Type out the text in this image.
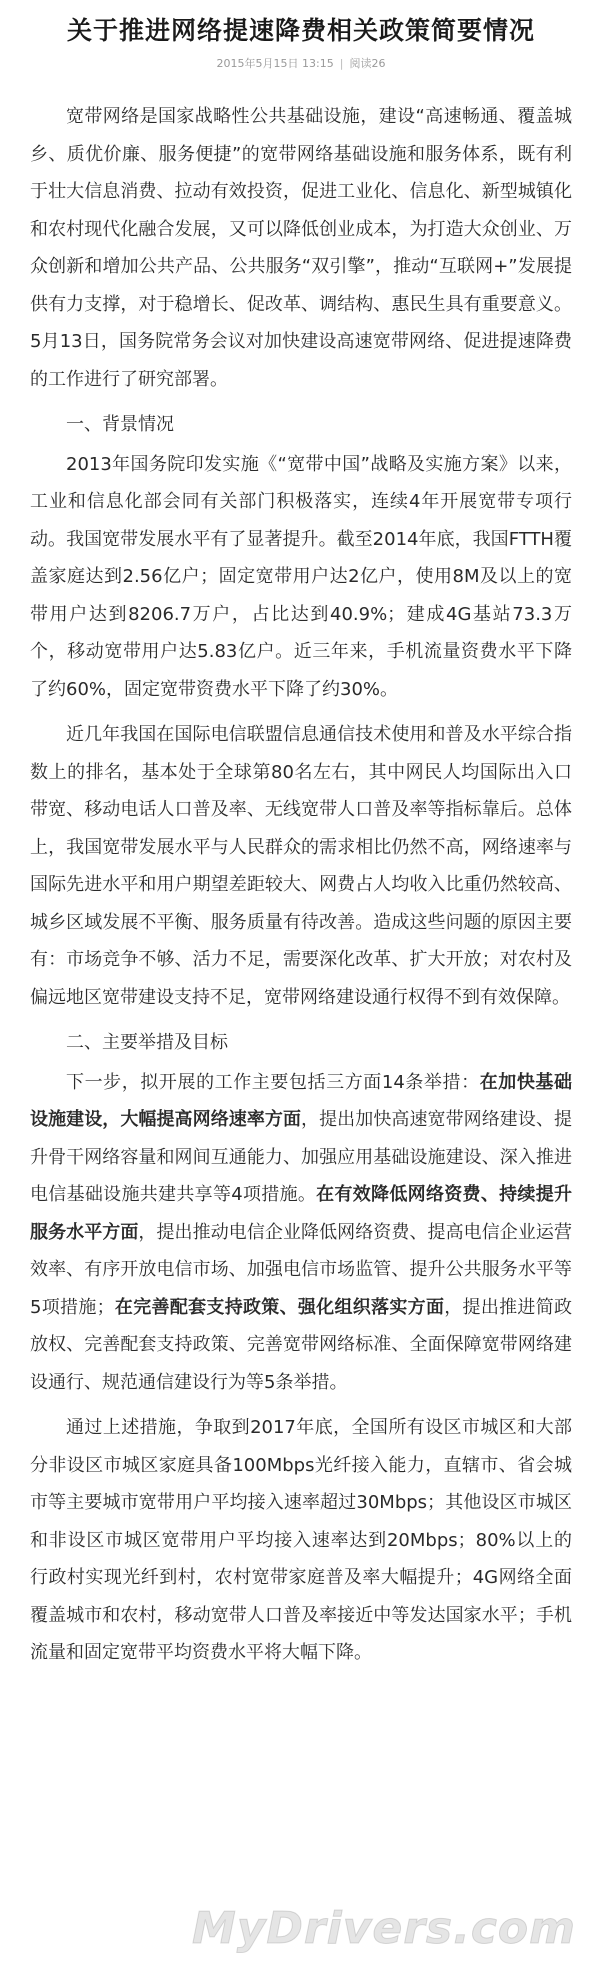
关于推进网络提速降费相关政策简要情况
2015年5月15日 13:15 | 阅读26

宽带网络是国家战略性公共基础设施，建设“高速畅通、覆盖城乡、质优价廉、服务便捷”的宽带网络基础设施和服务体系，既有利于壮大信息消费、拉动有效投资，促进工业化、信息化、新型城镇化和农村现代化融合发展，又可以降低创业成本，为打造大众创业、万众创新和增加公共产品、公共服务“双引擎”，推动“互联网+”发展提供有力支撑，对于稳增长、促改革、调结构、惠民生具有重要意义。5月13日，国务院常务会议对加快建设高速宽带网络、促进提速降费的工作进行了研究部署。

一、背景情况

2013年国务院印发实施《“宽带中国”战略及实施方案》以来，工业和信息化部会同有关部门积极落实，连续4年开展宽带专项行动。我国宽带发展水平有了显著提升。截至2014年底，我国FTTH覆盖家庭达到2.56亿户；固定宽带用户达2亿户，使用8M及以上的宽带用户达到8206.7万户，占比达到40.9%；建成4G基站73.3万个，移动宽带用户达5.83亿户。近三年来，手机流量资费水平下降了约60%，固定宽带资费水平下降了约30%。

近几年我国在国际电信联盟信息通信技术使用和普及水平综合指数上的排名，基本处于全球第80名左右，其中网民人均国际出入口带宽、移动电话人口普及率、无线宽带人口普及率等指标靠后。总体上，我国宽带发展水平与人民群众的需求相比仍然不高，网络速率与国际先进水平和用户期望差距较大、网费占人均收入比重仍然较高、城乡区域发展不平衡、服务质量有待改善。造成这些问题的原因主要有：市场竞争不够、活力不足，需要深化改革、扩大开放；对农村及偏远地区宽带建设支持不足，宽带网络建设通行权得不到有效保障。

二、主要举措及目标

下一步，拟开展的工作主要包括三方面14条举措：在加快基础设施建设，大幅提高网络速率方面，提出加快高速宽带网络建设、提升骨干网络容量和网间互通能力、加强应用基础设施建设、深入推进电信基础设施共建共享等4项措施。在有效降低网络资费、持续提升服务水平方面，提出推动电信企业降低网络资费、提高电信企业运营效率、有序开放电信市场、加强电信市场监管、提升公共服务水平等5项措施；在完善配套支持政策、强化组织落实方面，提出推进简政放权、完善配套支持政策、完善宽带网络标准、全面保障宽带网络建设通行、规范通信建设行为等5条举措。

通过上述措施，争取到2017年底，全国所有设区市城区和大部分非设区市城区家庭具备100Mbps光纤接入能力，直辖市、省会城市等主要城市宽带用户平均接入速率超过30Mbps；其他设区市城区和非设区市城区宽带用户平均接入速率达到20Mbps；80%以上的行政村实现光纤到村，农村宽带家庭普及率大幅提升；4G网络全面覆盖城市和农村，移动宽带人口普及率接近中等发达国家水平；手机流量和固定宽带平均资费水平将大幅下降。

MyDrivers.com
